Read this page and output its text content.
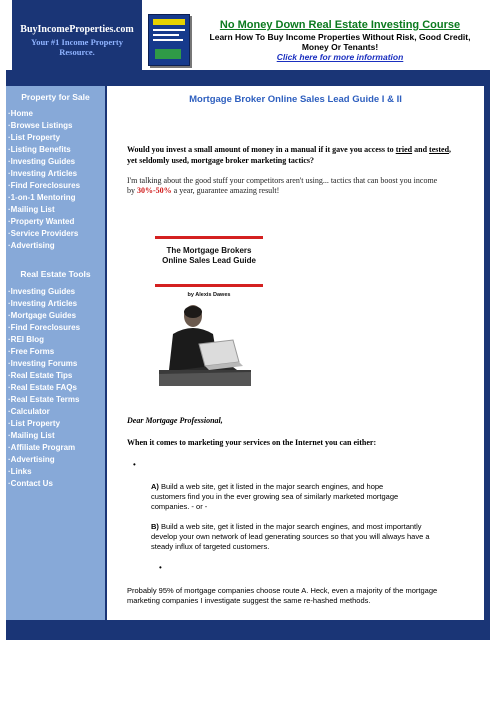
BuyIncomeProperties.com
Your #1 Income Property Resource.
No Money Down Real Estate Investing Course
Learn How To Buy Income Properties Without Risk, Good Credit, Money Or Tenants!
Click here for more information
Property for Sale
·Home
·Browse Listings
·List Property
·Listing Benefits
·Investing Guides
·Investing Articles
·Find Foreclosures
·1-on-1 Mentoring
·Mailing List
·Property Wanted
·Service Providers
·Advertising
Real Estate Tools
·Investing Guides
·Investing Articles
·Mortgage Guides
·Find Foreclosures
·REI Blog
·Free Forms
·Investing Forums
·Real Estate Tips
·Real Estate FAQs
·Real Estate Terms
·Calculator
·List Property
·Mailing List
·Affiliate Program
·Advertising
·Links
·Contact Us
Mortgage Broker Online Sales Lead Guide I & II
Would you invest a small amount of money in a manual if it gave you access to tried and tested, yet seldomly used, mortgage broker marketing tactics?
I'm talking about the good stuff your competitors aren't using... tactics that can boost you income by 30%-50% a year, guarantee amazing result!
The Mortgage Brokers Online Sales Lead Guide
by Alexis Dawes
Dear Mortgage Professional,
When it comes to marketing your services on the Internet you can either:
•
A) Build a web site, get it listed in the major search engines, and hope customers find you in the ever growing sea of similarly marketed mortgage companies. - or -
B) Build a web site, get it listed in the major search engines, and most importantly develop your own network of lead generating sources so that you will always have a steady influx of targeted customers.
•
Probably 95% of mortgage companies choose route A. Heck, even a majority of the mortgage marketing companies I investigate suggest the same re-hashed methods.
